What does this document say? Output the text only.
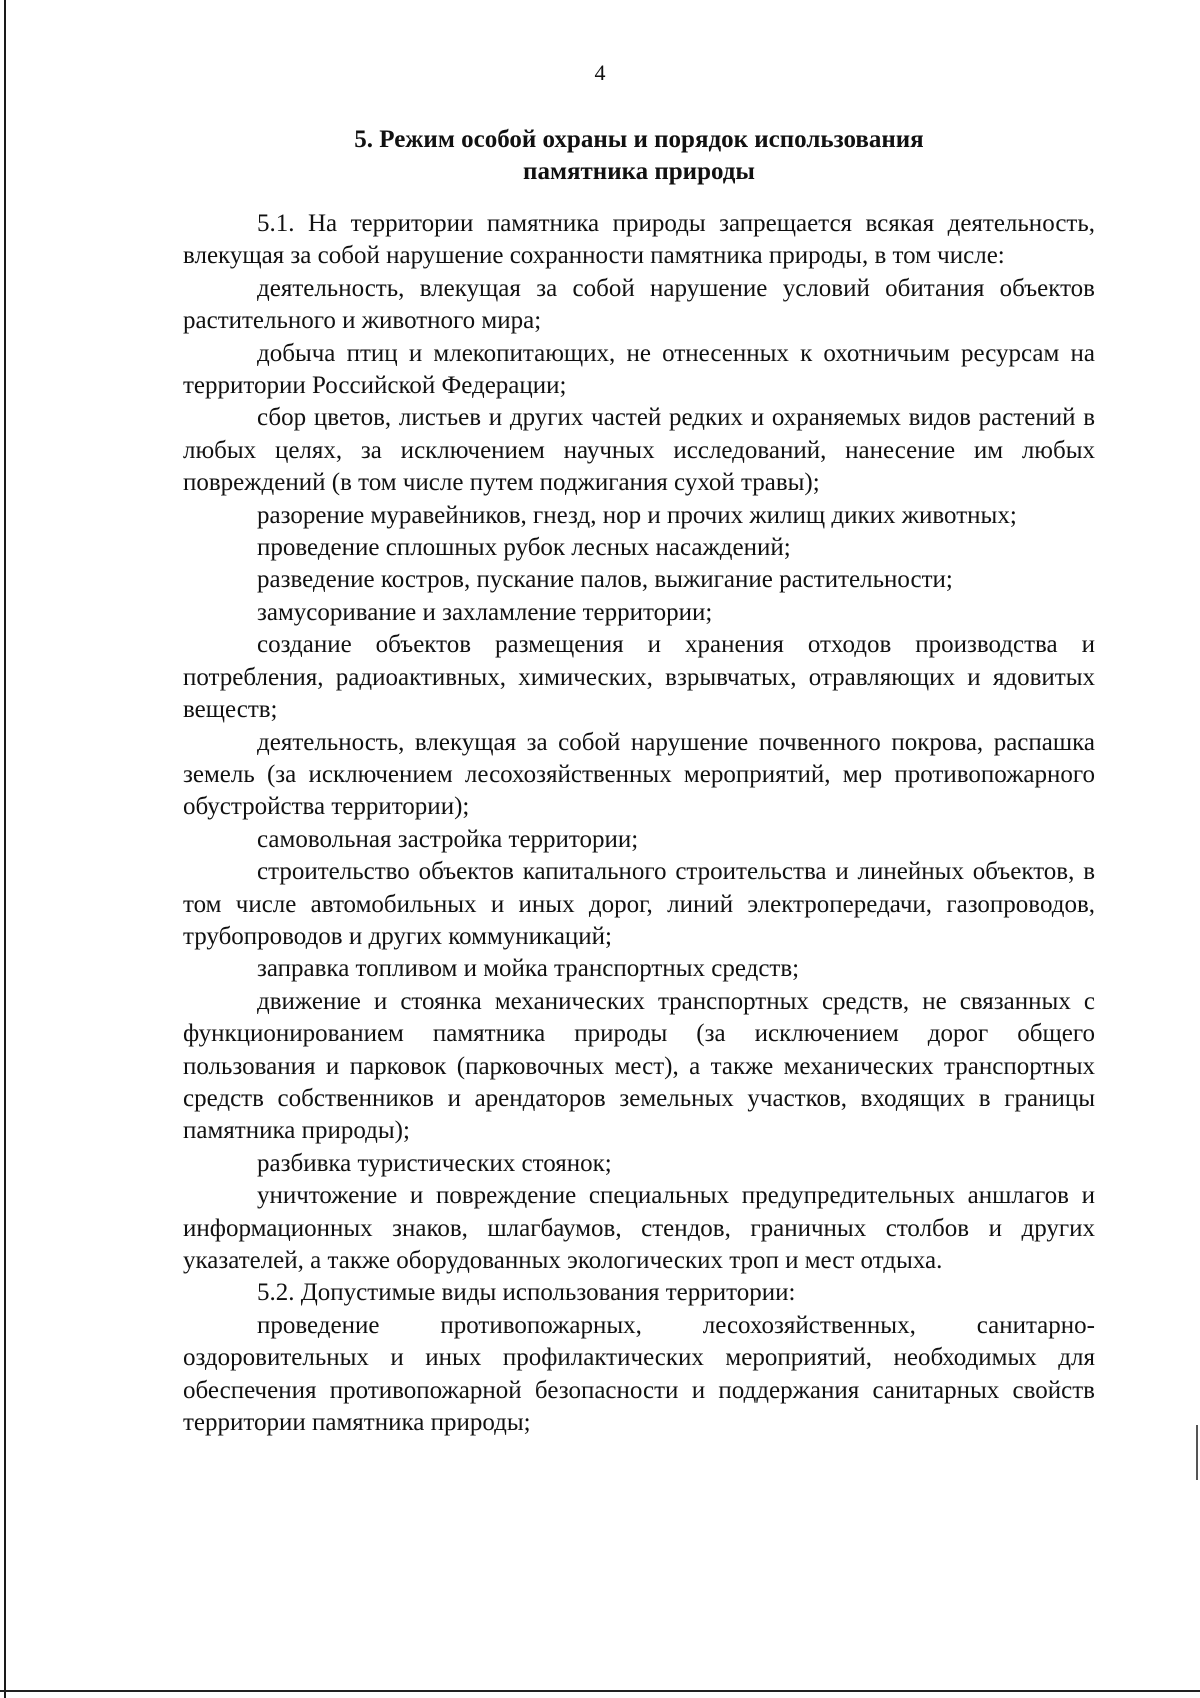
4
5. Режим особой охраны и порядок использования
памятника природы

5.1. На территории памятника природы запрещается всякая деятельность, влекущая за собой нарушение сохранности памятника природы, в том числе:

деятельность, влекущая за собой нарушение условий обитания объектов растительного и животного мира;

добыча птиц и млекопитающих, не отнесенных к охотничьим ресурсам на территории Российской Федерации;

сбор цветов, листьев и других частей редких и охраняемых видов растений в любых целях, за исключением научных исследований, нанесение им любых повреждений (в том числе путем поджигания сухой травы);

разорение муравейников, гнезд, нор и прочих жилищ диких животных;

проведение сплошных рубок лесных насаждений;

разведение костров, пускание палов, выжигание растительности;

замусоривание и захламление территории;

создание объектов размещения и хранения отходов производства и потребления, радиоактивных, химических, взрывчатых, отравляющих и ядовитых веществ;

деятельность, влекущая за собой нарушение почвенного покрова, распашка земель (за исключением лесохозяйственных мероприятий, мер противопожарного обустройства территории);

самовольная застройка территории;

строительство объектов капитального строительства и линейных объектов, в том числе автомобильных и иных дорог, линий электропередачи, газопроводов, трубопроводов и других коммуникаций;

заправка топливом и мойка транспортных средств;

движение и стоянка механических транспортных средств, не связанных с функционированием памятника природы (за исключением дорог общего пользования и парковок (парковочных мест), а также механических транспортных средств собственников и арендаторов земельных участков, входящих в границы памятника природы);

разбивка туристических стоянок;

уничтожение и повреждение специальных предупредительных аншлагов и информационных знаков, шлагбаумов, стендов, граничных столбов и других указателей, а также оборудованных экологических троп и мест отдыха.

5.2. Допустимые виды использования территории:

проведение противопожарных, лесохозяйственных, санитарно-оздоровительных и иных профилактических мероприятий, необходимых для обеспечения противопожарной безопасности и поддержания санитарных свойств территории памятника природы;
